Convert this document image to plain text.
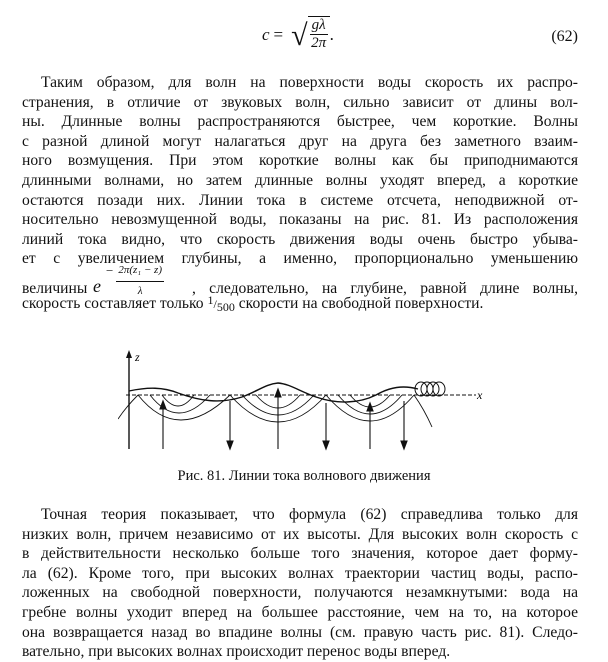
c = √ $\frac{g\lambda}{2\pi}$ .	(62)
Таким образом, для волн на поверхности воды скорость их распро-
странения, в отличие от звуковых волн, сильно зависит от длины вол-
ны. Длинные волны распространяются быстрее, чем короткие. Волны
с разной длиной могут налагаться друг на друга без заметного взаим-
ного возмущения. При этом короткие волны как бы приподнимаются
длинными волнами, но затем длинные волны уходят вперед, а короткие
остаются позади них. Линии тока в системе отсчета, неподвижной от-
носительно невозмущенной воды, показаны на рис. 81. Из расположения
линий тока видно, что скорость движения воды очень быстро убыва-
ет с увеличением глубины, а именно, пропорционально уменьшению
величины e
− $\frac{\text{2π(z₁ − z)}}{\lambda}$ , следовательно, на глубине, равной длине волны,
скорость составляет только $^1/_{500}$ скорости на свободной поверхности.
z
x
Рис. 81. Линии тока волнового движения
Точная теория показывает, что формула (62) справедлива только для
низких волн, причем независимо от их высоты. Для высоких волн скорость c
в действительности несколько больше того значения, которое дает форму-
ла (62). Кроме того, при высоких волнах траектории частиц воды, распо-
ложенных на свободной поверхности, получаются незамкнутыми: вода на
гребне волны уходит вперед на большее расстояние, чем на то, на которое
она возвращается назад во впадине волны (см. правую часть рис. 81). Следо-
вательно, при высоких волнах происходит перенос воды вперед.
